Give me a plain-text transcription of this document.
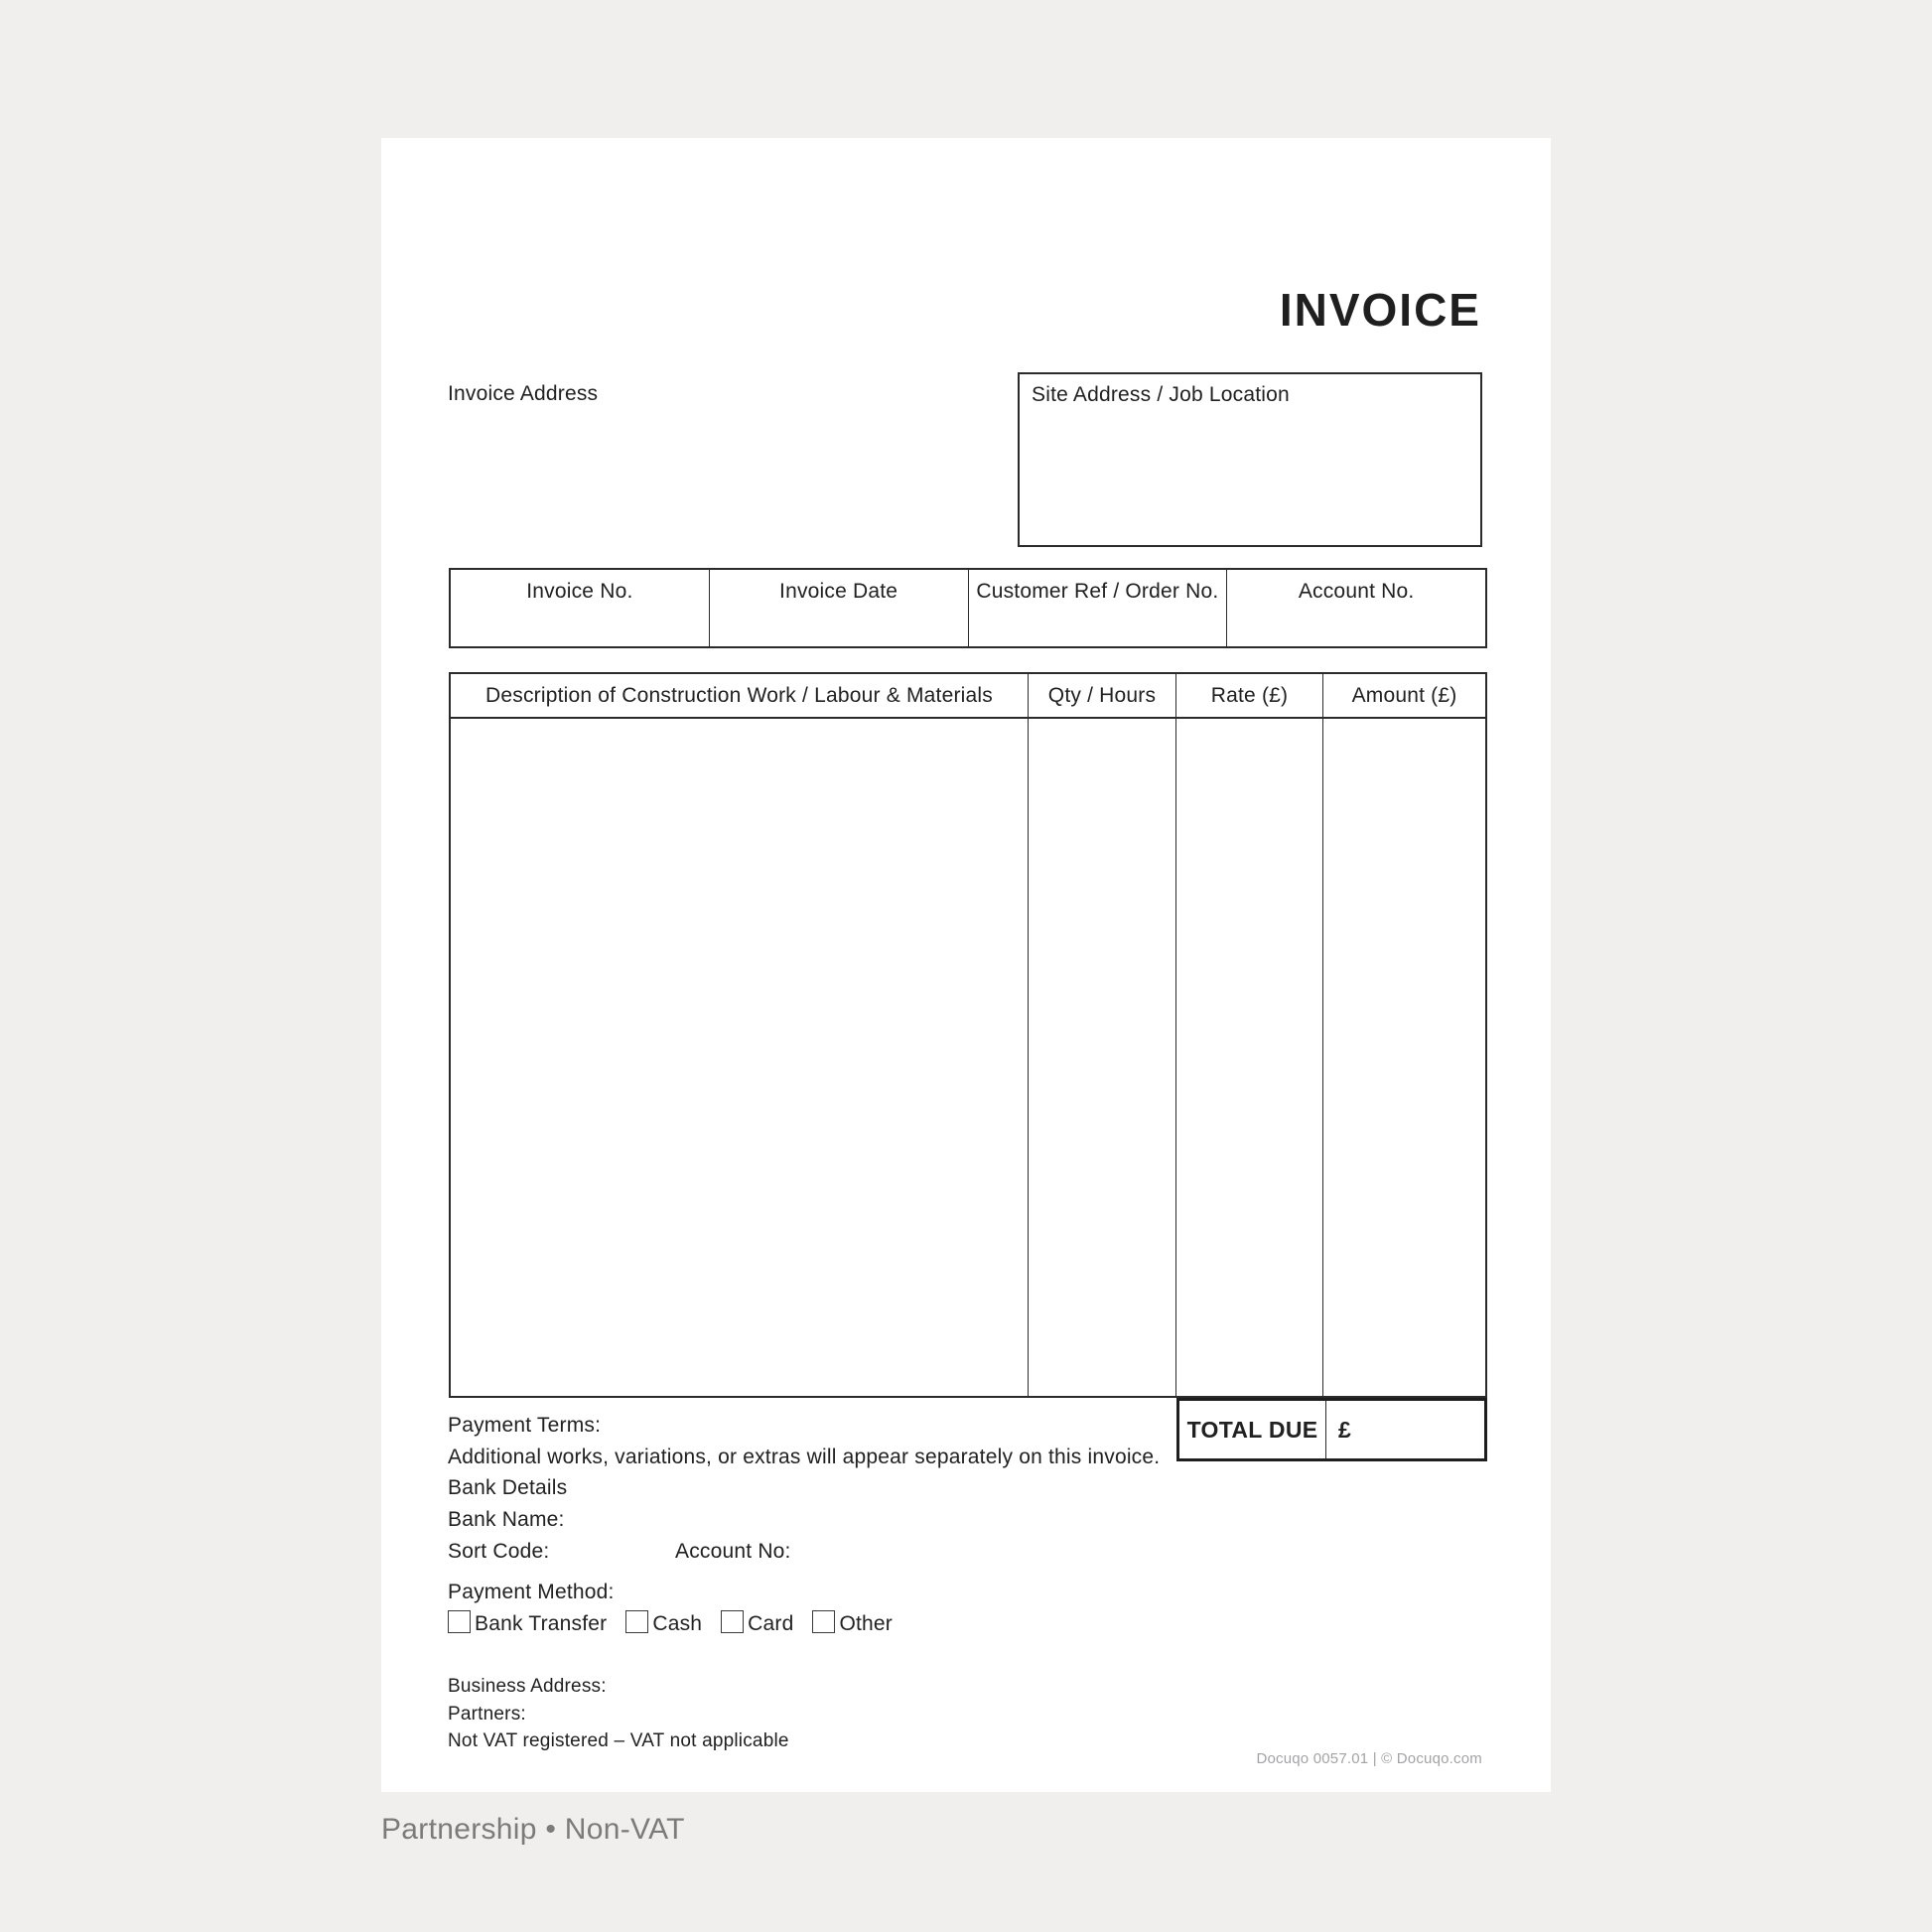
INVOICE
Invoice Address	Site Address / Job Location
Invoice No.	Invoice Date	Customer Ref / Order No.	Account No.
Description of Construction Work / Labour & Materials	Qty / Hours	Rate (£)	Amount (£)
TOTAL DUE £
Payment Terms:
Additional works, variations, or extras will appear separately on this invoice.
Bank Details
Bank Name:
Sort Code:	Account No:
Payment Method:
Bank Transfer Cash Card Other
Business Address:
Partners:
Not VAT registered – VAT not applicable
Docuqo 0057.01 | © Docuqo.com
Partnership • Non-VAT
